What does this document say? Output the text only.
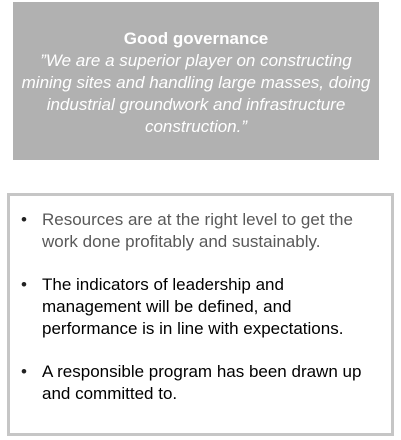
Good governance

”We are a superior player on constructing mining sites and handling large masses, doing industrial groundwork and infrastructure construction.”

• Resources are at the right level to get the work done profitably and sustainably.
• The indicators of leadership and management will be defined, and performance is in line with expectations.
• A responsible program has been drawn up and committed to.
